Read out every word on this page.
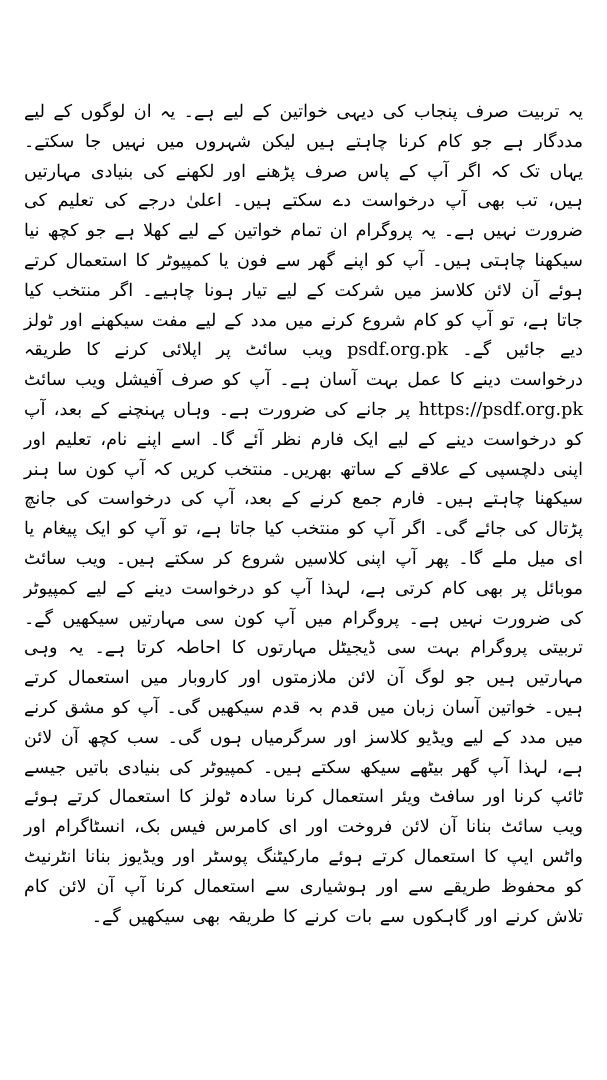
یہ تربیت صرف پنجاب کی دیہی خواتین کے لیے ہے۔ یہ ان لوگوں کے لیے مددگار ہے جو کام کرنا چاہتے ہیں لیکن شہروں میں نہیں جا سکتے۔ یہاں تک کہ اگر آپ کے پاس صرف پڑھنے اور لکھنے کی بنیادی مہارتیں ہیں، تب بھی آپ درخواست دے سکتے ہیں۔ اعلیٰ درجے کی تعلیم کی ضرورت نہیں ہے۔ یہ پروگرام ان تمام خواتین کے لیے کھلا ہے جو کچھ نیا سیکھنا چاہتی ہیں۔ آپ کو اپنے گھر سے فون یا کمپیوٹر کا استعمال کرتے ہوئے آن لائن کلاسز میں شرکت کے لیے تیار ہونا چاہیے۔ اگر منتخب کیا جاتا ہے، تو آپ کو کام شروع کرنے میں مدد کے لیے مفت سیکھنے اور ٹولز دیے جائیں گے۔ psdf.org.pk ویب سائٹ پر اپلائی کرنے کا طریقہ درخواست دینے کا عمل بہت آسان ہے۔ آپ کو صرف آفیشل ویب سائٹ https://psdf.org.pk پر جانے کی ضرورت ہے۔ وہاں پہنچنے کے بعد، آپ کو درخواست دینے کے لیے ایک فارم نظر آئے گا۔ اسے اپنے نام، تعلیم اور اپنی دلچسپی کے علاقے کے ساتھ بھریں۔ منتخب کریں کہ آپ کون سا ہنر سیکھنا چاہتے ہیں۔ فارم جمع کرنے کے بعد، آپ کی درخواست کی جانچ پڑتال کی جائے گی۔ اگر آپ کو منتخب کیا جاتا ہے، تو آپ کو ایک پیغام یا ای میل ملے گا۔ پھر آپ اپنی کلاسیں شروع کر سکتے ہیں۔ ویب سائٹ موبائل پر بھی کام کرتی ہے، لہذا آپ کو درخواست دینے کے لیے کمپیوٹر کی ضرورت نہیں ہے۔ پروگرام میں آپ کون سی مہارتیں سیکھیں گے۔ تربیتی پروگرام بہت سی ڈیجیٹل مہارتوں کا احاطہ کرتا ہے۔ یہ وہی مہارتیں ہیں جو لوگ آن لائن ملازمتوں اور کاروبار میں استعمال کرتے ہیں۔ خواتین آسان زبان میں قدم بہ قدم سیکھیں گی۔ آپ کو مشق کرنے میں مدد کے لیے ویڈیو کلاسز اور سرگرمیاں ہوں گی۔ سب کچھ آن لائن ہے، لہذا آپ گھر بیٹھے سیکھ سکتے ہیں۔ کمپیوٹر کی بنیادی باتیں جیسے ٹائپ کرنا اور سافٹ ویئر استعمال کرنا سادہ ٹولز کا استعمال کرتے ہوئے ویب سائٹ بنانا آن لائن فروخت اور ای کامرس فیس بک، انسٹاگرام اور واٹس ایپ کا استعمال کرتے ہوئے مارکیٹنگ پوسٹر اور ویڈیوز بنانا انٹرنیٹ کو محفوظ طریقے سے اور ہوشیاری سے استعمال کرنا آپ آن لائن کام تلاش کرنے اور گاہکوں سے بات کرنے کا طریقہ بھی سیکھیں گے۔
